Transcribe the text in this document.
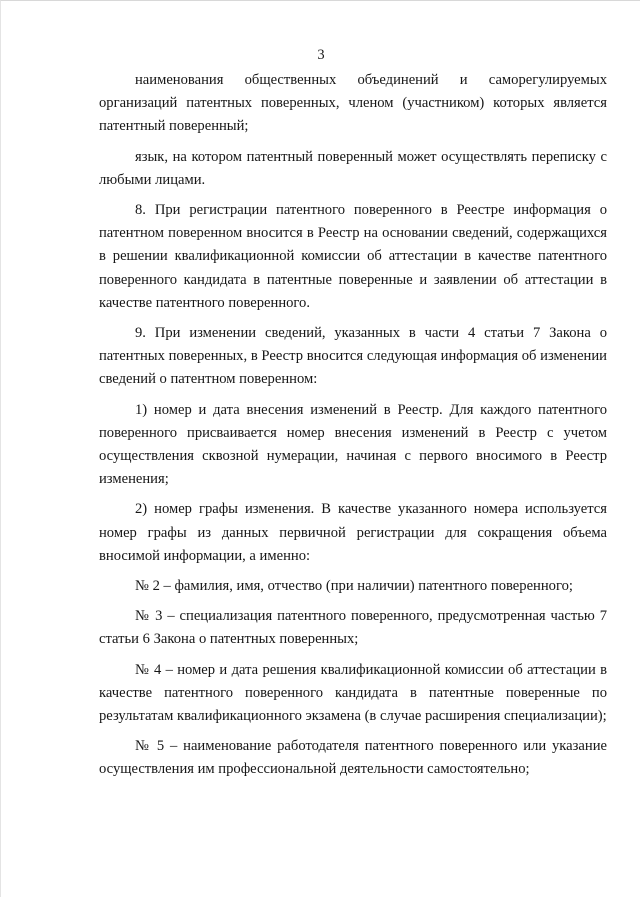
3

наименования общественных объединений и саморегулируемых организаций патентных поверенных, членом (участником) которых является патентный поверенный;

язык, на котором патентный поверенный может осуществлять переписку с любыми лицами.

8. При регистрации патентного поверенного в Реестре информация о патентном поверенном вносится в Реестр на основании сведений, содержащихся в решении квалификационной комиссии об аттестации в качестве патентного поверенного кандидата в патентные поверенные и заявлении об аттестации в качестве патентного поверенного.

9. При изменении сведений, указанных в части 4 статьи 7 Закона о патентных поверенных, в Реестр вносится следующая информация об изменении сведений о патентном поверенном:

1) номер и дата внесения изменений в Реестр. Для каждого патентного поверенного присваивается номер внесения изменений в Реестр с учетом осуществления сквозной нумерации, начиная с первого вносимого в Реестр изменения;

2) номер графы изменения. В качестве указанного номера используется номер графы из данных первичной регистрации для сокращения объема вносимой информации, а именно:

№ 2 – фамилия, имя, отчество (при наличии) патентного поверенного;

№ 3 – специализация патентного поверенного, предусмотренная частью 7 статьи 6 Закона о патентных поверенных;

№ 4 – номер и дата решения квалификационной комиссии об аттестации в качестве патентного поверенного кандидата в патентные поверенные по результатам квалификационного экзамена (в случае расширения специализации);

№ 5 – наименование работодателя патентного поверенного или указание осуществления им профессиональной деятельности самостоятельно;
